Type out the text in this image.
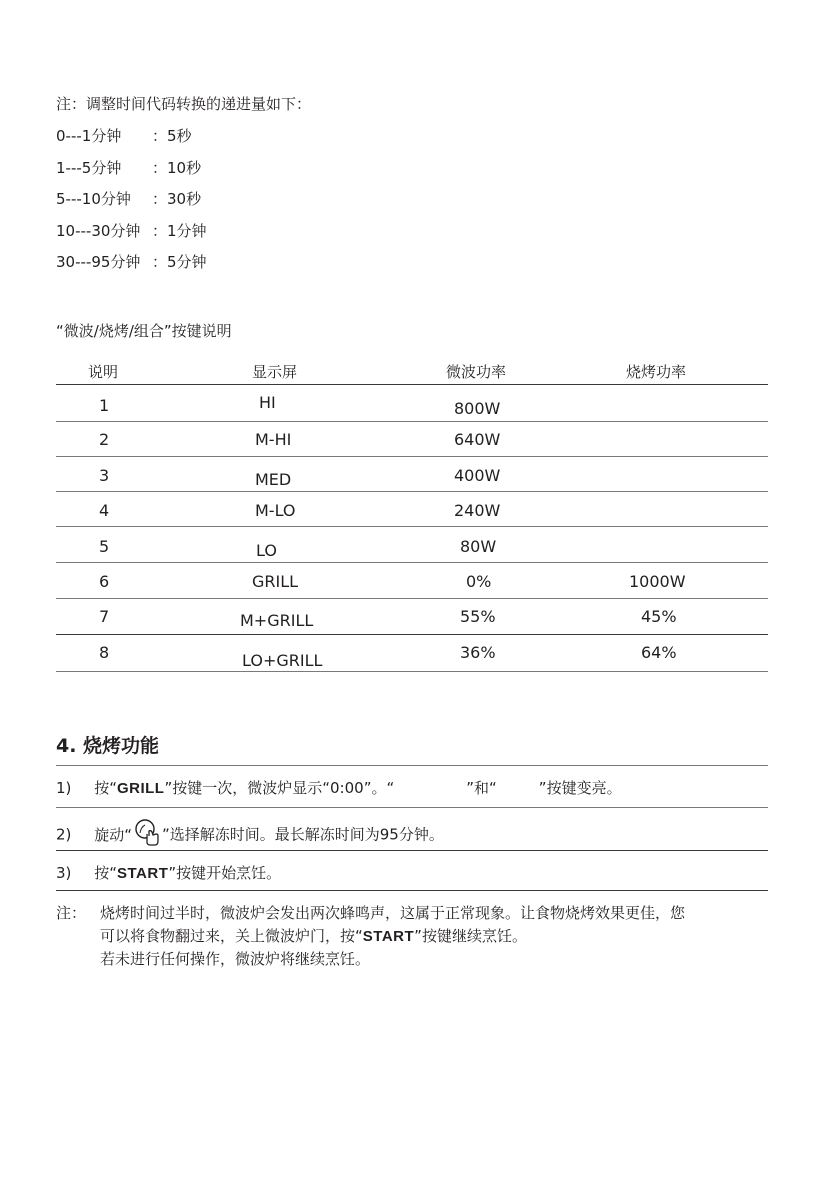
注：调整时间代码转换的递进量如下：
0---1分钟 ：5秒
1---5分钟 ：10秒
5---10分钟 ：30秒
10---30分钟 ：1分钟
30---95分钟 ：5分钟
“微波/烧烤/组合”按键说明
说明	显示屏	微波功率	烧烤功率
1	HI	800W
2	M-HI	640W
3	MED	400W
4	M-LO	240W
5	LO	80W
6	GRILL	0%	1000W
7	M+GRILL	55%	45%
8	LO+GRILL	36%	64%
4. 烧烤功能
1) 按“GRILL”按键一次，微波炉显示“0:00”。“	”和“	”按键变亮。
2) 旋动“ ”选择解冻时间。最长解冻时间为95分钟。
3) 按“START”按键开始烹饪。
注： 烧烤时间过半时，微波炉会发出两次蜂鸣声，这属于正常现象。让食物烧烤效果更佳，您
可以将食物翻过来，关上微波炉门，按“START”按键继续烹饪。
若未进行任何操作，微波炉将继续烹饪。
